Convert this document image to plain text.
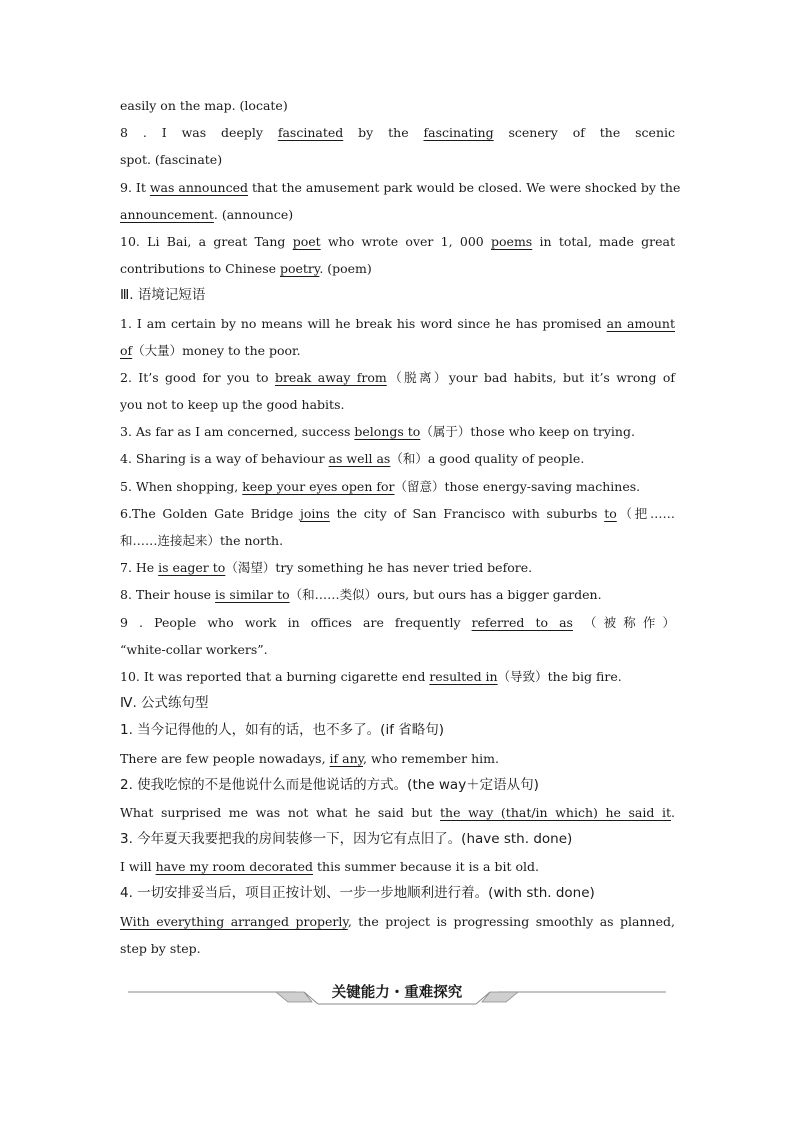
easily on the map. (locate)
8 . I was deeply fascinated by the fascinating scenery of the scenic
spot. (fascinate)
9. It was announced that the amusement park would be closed. We were shocked by the
announcement. (announce)
10. Li Bai, a great Tang poet who wrote over 1, 000 poems in total, made great
contributions to Chinese poetry. (poem)
Ⅲ. 语境记短语
1. I am certain by no means will he break his word since he has promised an amount
of（大量）money to the poor.
2. It’s good for you to break away from（脱离）your bad habits, but it’s wrong of
you not to keep up the good habits.
3. As far as I am concerned, success belongs to（属于）those who keep on trying.
4. Sharing is a way of behaviour as well as（和）a good quality of people.
5. When shopping, keep your eyes open for（留意）those energy-saving machines.
6.The Golden Gate Bridge joins the city of San Francisco with suburbs to（把……
和……连接起来）the north.
7. He is eager to（渴望）try something he has never tried before.
8. Their house is similar to（和……类似）ours, but ours has a bigger garden.
9 . People who work in offices are frequently referred to as （被称作）
“white-collar workers”.
10. It was reported that a burning cigarette end resulted in（导致）the big fire.
Ⅳ. 公式练句型
1. 当今记得他的人，如有的话，也不多了。(if 省略句)
There are few people nowadays, if any, who remember him.
2. 使我吃惊的不是他说什么而是他说话的方式。(the way＋定语从句)
What surprised me was not what he said but the way (that/in which) he said it.
3. 今年夏天我要把我的房间装修一下，因为它有点旧了。(have sth. done)
I will have my room decorated this summer because it is a bit old.
4. 一切安排妥当后，项目正按计划、一步一步地顺利进行着。(with sth. done)
With everything arranged properly, the project is progressing smoothly as planned,
step by step.
关键能力・重难探究
